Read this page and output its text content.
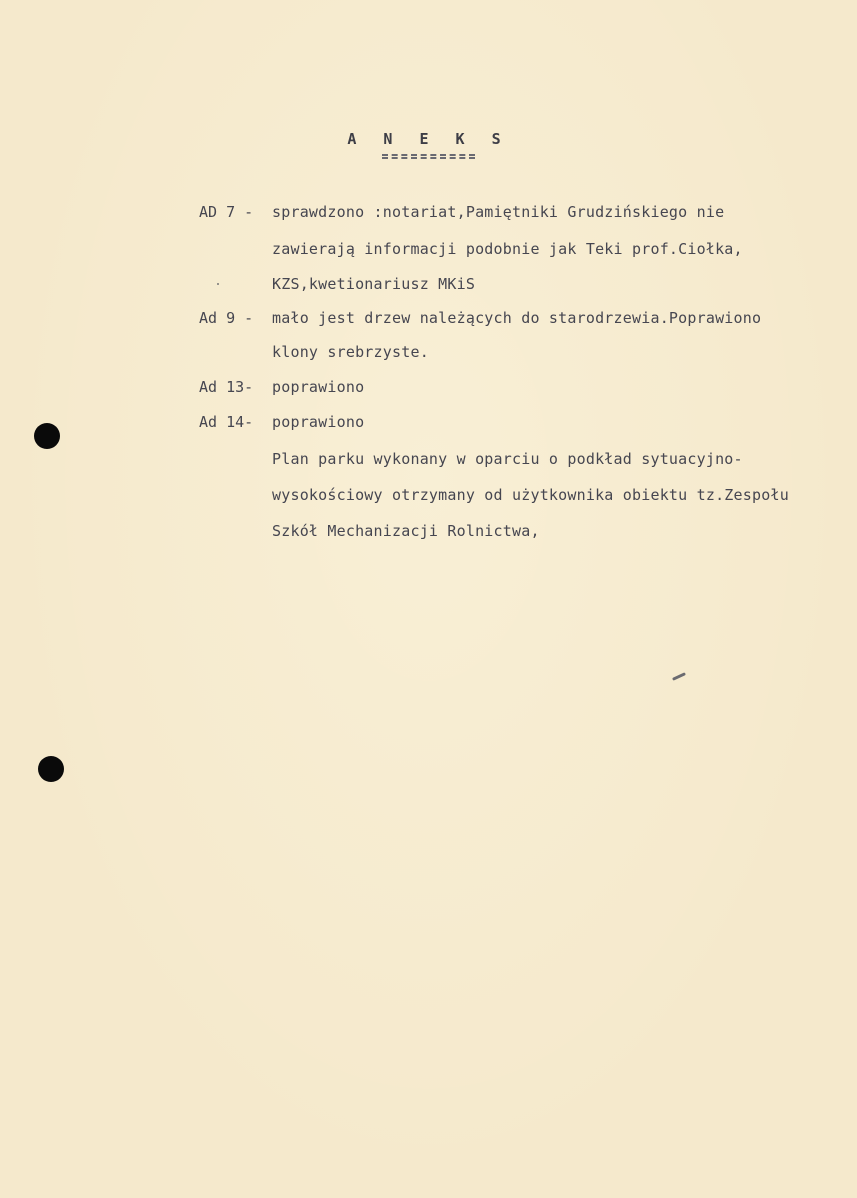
A N E K S
AD 7 - sprawdzono :notariat,Pamiętniki Grudzińskiego nie
zawierają informacji podobnie jak Teki prof.Ciołka,
KZS,kwetionariusz MKiS
Ad 9 - mało jest drzew należących do starodrzewia.Poprawiono
klony srebrzyste.
Ad 13- poprawiono
Ad 14- poprawiono
Plan parku wykonany w oparciu o podkład sytuacyjno-
wysokościowy otrzymany od użytkownika obiektu tz.Zespołu
Szkół Mechanizacji Rolnictwa,
